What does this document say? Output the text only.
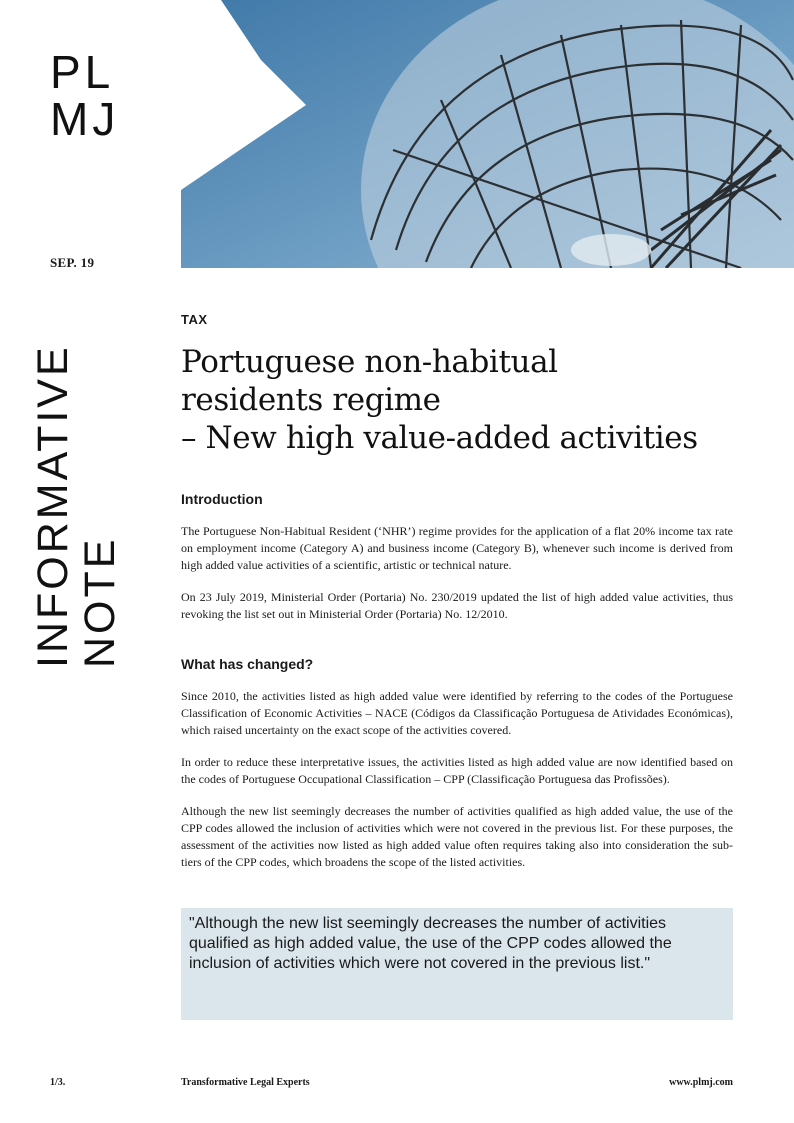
PL
MJ
SEP. 19
INFORMATIVE NOTE
TAX
Portuguese non-habitual
residents regime
– New high value-added activities
Introduction

The Portuguese Non-Habitual Resident (‘NHR’) regime provides for the application of a flat 20% income tax rate on employment income (Category A) and business income (Category B), whenever such income is derived from high added value activities of a scientific, artistic or technical nature.

On 23 July 2019, Ministerial Order (Portaria) No. 230/2019 updated the list of high added value activities, thus revoking the list set out in Ministerial Order (Portaria) No. 12/2010.

What has changed?

Since 2010, the activities listed as high added value were identified by referring to the codes of the Portuguese Classification of Economic Activities – NACE (Códigos da Classificação Portuguesa de Atividades Económicas), which raised uncertainty on the exact scope of the activities covered.

In order to reduce these interpretative issues, the activities listed as high added value are now identified based on the codes of Portuguese Occupational Classification – CPP (Classificação Portuguesa das Profissões).

Although the new list seemingly decreases the number of activities qualified as high added value, the use of the CPP codes allowed the inclusion of activities which were not covered in the previous list. For these purposes, the assessment of the activities now listed as high added value often requires taking also into consideration the sub-tiers of the CPP codes, which broadens the scope of the listed activities.

"Although the new list seemingly decreases the number of activities qualified as high added value, the use of the CPP codes allowed the inclusion of activities which were not covered in the previous list."
1/3.	Transformative Legal Experts	www.plmj.com
